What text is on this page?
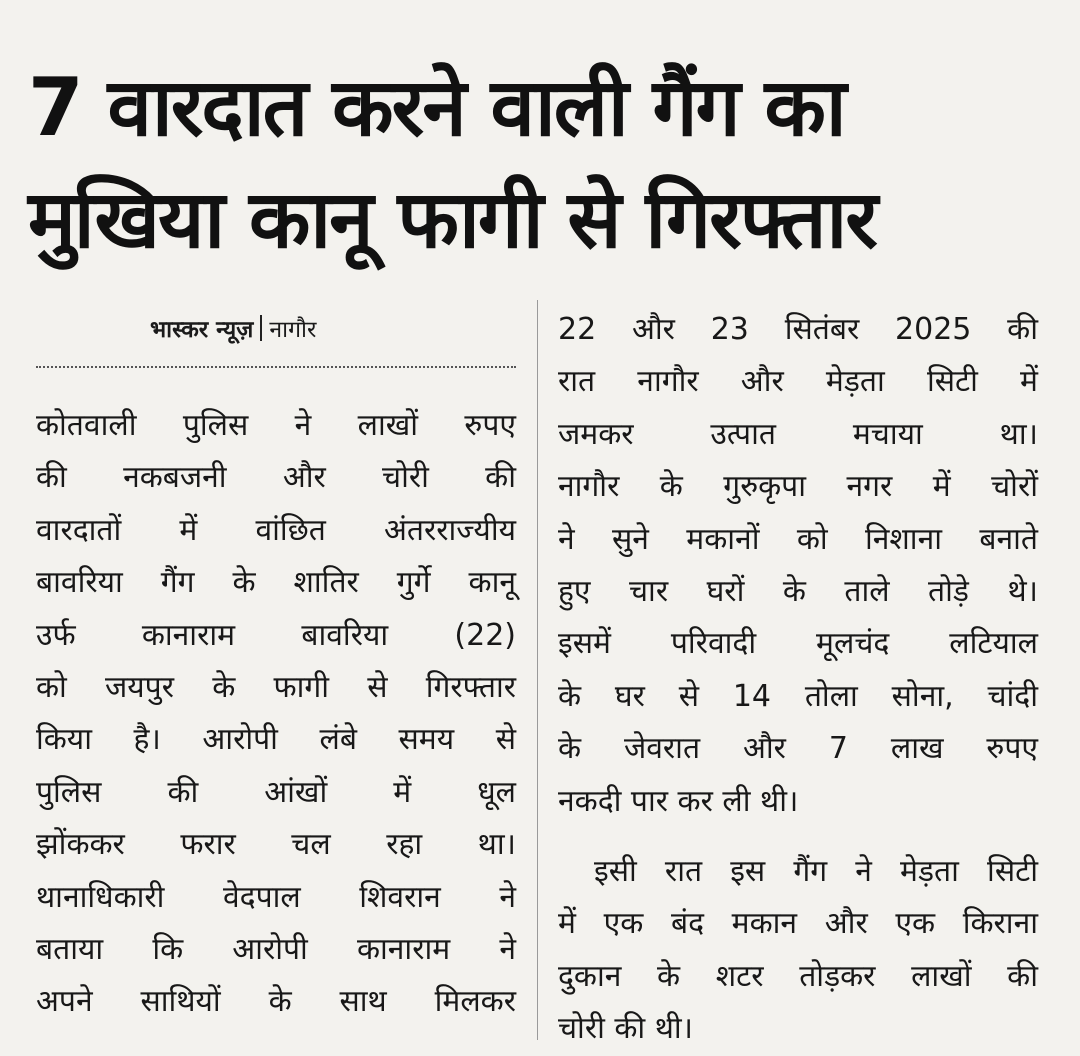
7 वारदात करने वाली गैंग का
मुखिया कानू फागी से गिरफ्तार
भास्कर न्यूज़ नागौर
कोतवाली पुलिस ने लाखों रुपए
की नकबजनी और चोरी की
वारदातों में वांछित अंतरराज्यीय
बावरिया गैंग के शातिर गुर्गे कानू
उर्फ कानाराम बावरिया (22)
को जयपुर के फागी से गिरफ्तार
किया है। आरोपी लंबे समय से
पुलिस की आंखों में धूल
झोंककर फरार चल रहा था।
थानाधिकारी वेदपाल शिवरान ने
बताया कि आरोपी कानाराम ने
अपने साथियों के साथ मिलकर
22 और 23 सितंबर 2025 की
रात नागौर और मेड़ता सिटी में
जमकर उत्पात मचाया था।
नागौर के गुरुकृपा नगर में चोरों
ने सुने मकानों को निशाना बनाते
हुए चार घरों के ताले तोड़े थे।
इसमें परिवादी मूलचंद लटियाल
के घर से 14 तोला सोना, चांदी
के जेवरात और 7 लाख रुपए
नकदी पार कर ली थी।
इसी रात इस गैंग ने मेड़ता सिटी
में एक बंद मकान और एक किराना
दुकान के शटर तोड़कर लाखों की
चोरी की थी।
